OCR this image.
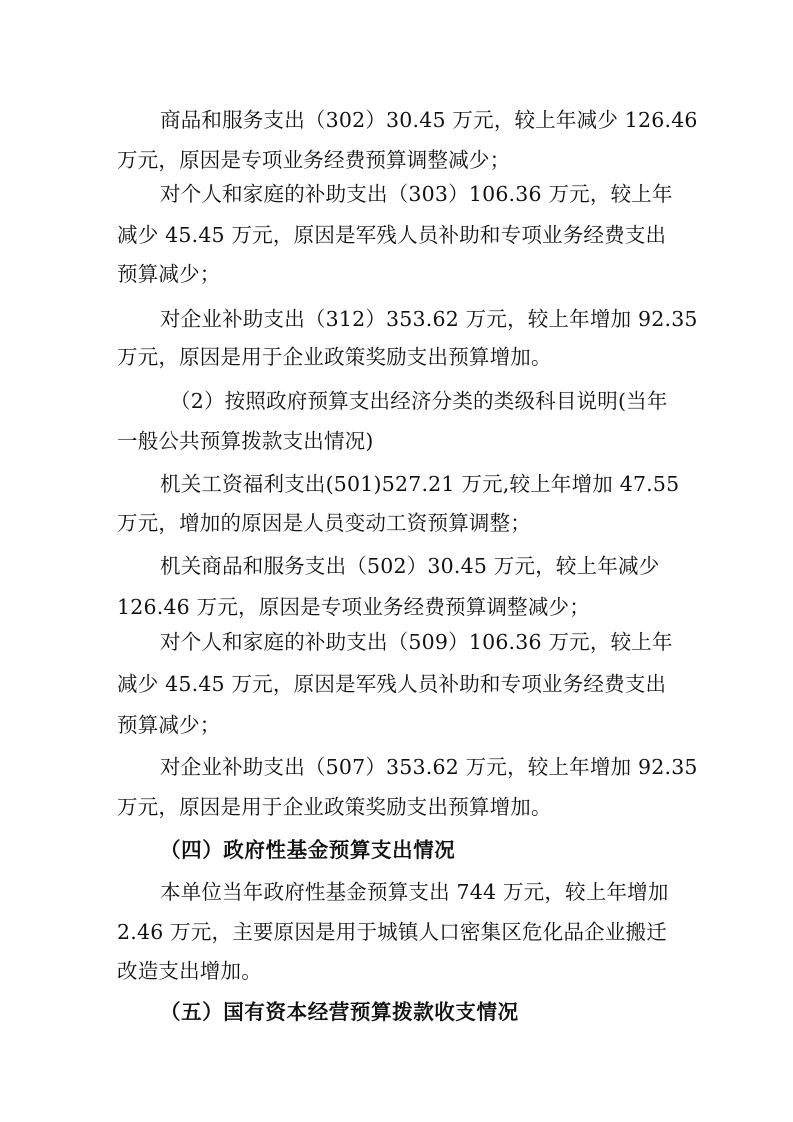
商品和服务支出（302）30.45 万元，较上年减少 126.46
万元，原因是专项业务经费预算调整减少；
对个人和家庭的补助支出（303）106.36 万元，较上年
减少 45.45 万元，原因是军残人员补助和专项业务经费支出
预算减少；
对企业补助支出（312）353.62 万元，较上年增加 92.35
万元，原因是用于企业政策奖励支出预算增加。
（2）按照政府预算支出经济分类的类级科目说明(当年
一般公共预算拨款支出情况)
机关工资福利支出(501)527.21 万元,较上年增加 47.55
万元，增加的原因是人员变动工资预算调整；
机关商品和服务支出（502）30.45 万元，较上年减少
126.46 万元，原因是专项业务经费预算调整减少；
对个人和家庭的补助支出（509）106.36 万元，较上年
减少 45.45 万元，原因是军残人员补助和专项业务经费支出
预算减少；
对企业补助支出（507）353.62 万元，较上年增加 92.35
万元，原因是用于企业政策奖励支出预算增加。
（四）政府性基金预算支出情况
本单位当年政府性基金预算支出 744 万元，较上年增加
2.46 万元，主要原因是用于城镇人口密集区危化品企业搬迁
改造支出增加。
（五）国有资本经营预算拨款收支情况
